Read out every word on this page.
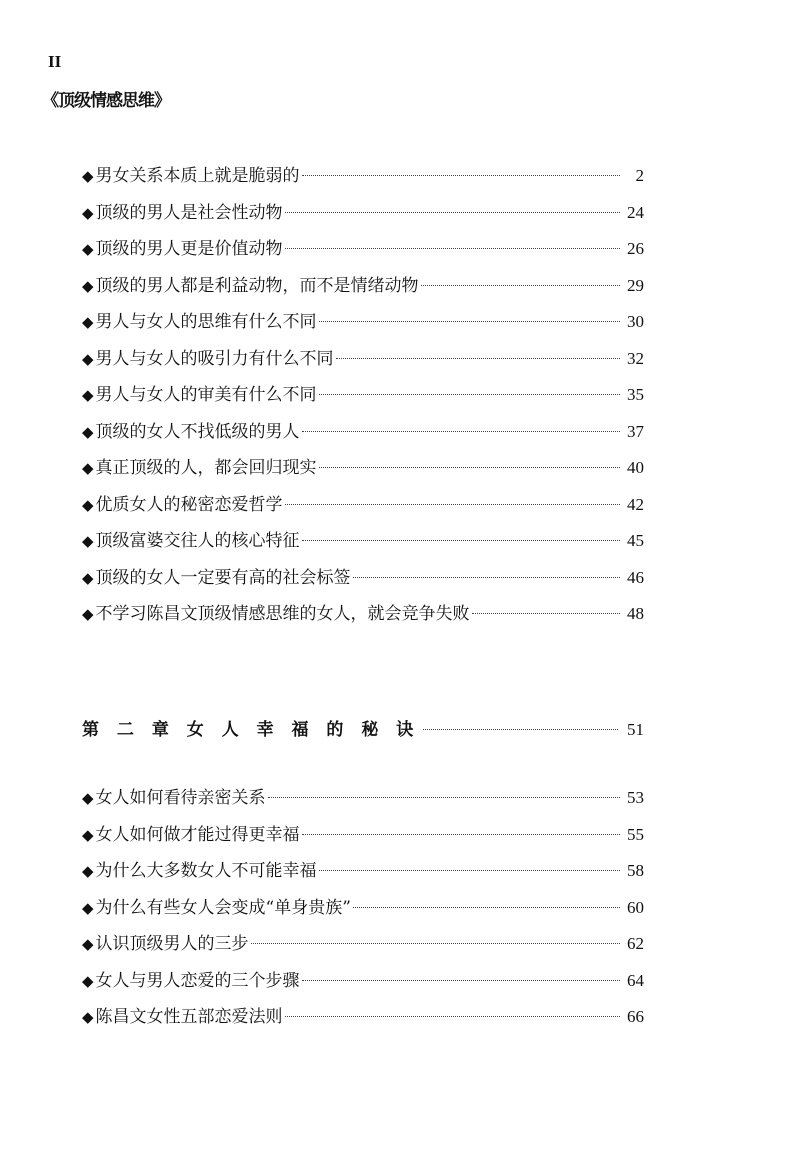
II
《顶级情感思维》
◆ 男女关系本质上就是脆弱的	2
◆ 顶级的男人是社会性动物	24
◆ 顶级的男人更是价值动物	26
◆ 顶级的男人都是利益动物，而不是情绪动物	29
◆ 男人与女人的思维有什么不同	30
◆ 男人与女人的吸引力有什么不同	32
◆ 男人与女人的审美有什么不同	35
◆ 顶级的女人不找低级的男人	37
◆ 真正顶级的人，都会回归现实	40
◆ 优质女人的秘密恋爱哲学	42
◆ 顶级富婆交往人的核心特征	45
◆ 顶级的女人一定要有高的社会标签	46
◆ 不学习陈昌文顶级情感思维的女人，就会竞争失败	48
第 二 章 女 人 幸 福 的 秘 诀	51
◆ 女人如何看待亲密关系	53
◆ 女人如何做才能过得更幸福	55
◆ 为什么大多数女人不可能幸福	58
◆ 为什么有些女人会变成“单身贵族”	60
◆ 认识顶级男人的三步	62
◆ 女人与男人恋爱的三个步骤	64
◆ 陈昌文女性五部恋爱法则	66
